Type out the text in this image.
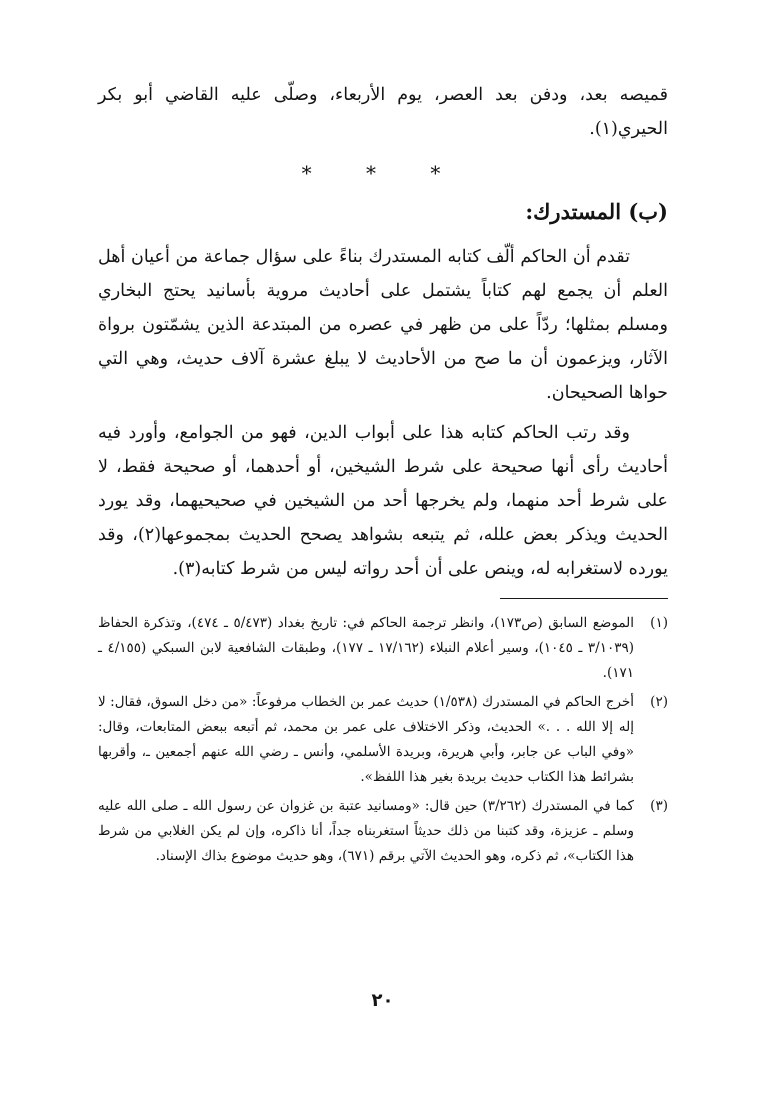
قميصه بعد، ودفن بعد العصر، يوم الأربعاء، وصلّى عليه القاضي أبو بكر الحيري(١).

* * *
(ب) المستدرك:

تقدم أن الحاكم ألّف كتابه المستدرك بناءً على سؤال جماعة من أعيان أهل العلم أن يجمع لهم كتاباً يشتمل على أحاديث مروية بأسانيد يحتج البخاري ومسلم بمثلها؛ ردّاً على من ظهر في عصره من المبتدعة الذين يشمّتون برواة الآثار، ويزعمون أن ما صح من الأحاديث لا يبلغ عشرة آلاف حديث، وهي التي حواها الصحيحان.

وقد رتب الحاكم كتابه هذا على أبواب الدين، فهو من الجوامع، وأورد فيه أحاديث رأى أنها صحيحة على شرط الشيخين، أو أحدهما، أو صحيحة فقط، لا على شرط أحد منهما، ولم يخرجها أحد من الشيخين في صحيحيهما، وقد يورد الحديث ويذكر بعض علله، ثم يتبعه بشواهد يصحح الحديث بمجموعها(٢)، وقد يورده لاستغرابه له، وينص على أن أحد رواته ليس من شرط كتابه(٣).

(١)
الموضع السابق (ص١٧٣)، وانظر ترجمة الحاكم في: تاريخ بغداد (٥/٤٧٣ ـ ٤٧٤)، وتذكرة الحفاظ (٣/١٠٣٩ ـ ١٠٤٥)، وسير أعلام النبلاء (١٧/١٦٢ ـ ١٧٧)، وطبقات الشافعية لابن السبكي (٤/١٥٥ ـ ١٧١).
(٢)
أخرج الحاكم في المستدرك (١/٥٣٨) حديث عمر بن الخطاب مرفوعاً: «من دخل السوق، فقال: لا إله إلا الله . . .» الحديث، وذكر الاختلاف على عمر بن محمد، ثم أتبعه ببعض المتابعات، وقال: «وفي الباب عن جابر، وأبي هريرة، وبريدة الأسلمي، وأنس ـ رضي الله عنهم أجمعين ـ، وأقربها بشرائط هذا الكتاب حديث بريدة بغير هذا اللفظ».
(٣)
كما في المستدرك (٣/٢٦٢) حين قال: «ومسانيد عتبة بن غزوان عن رسول الله ـ صلى الله عليه وسلم ـ عزيزة، وقد كتبنا من ذلك حديثاً استغربناه جداً، أنا ذاكره، وإن لم يكن الغلابي من شرط هذا الكتاب»، ثم ذكره، وهو الحديث الآتي برقم (٦٧١)، وهو حديث موضوع بذاك الإسناد.
٢٠
